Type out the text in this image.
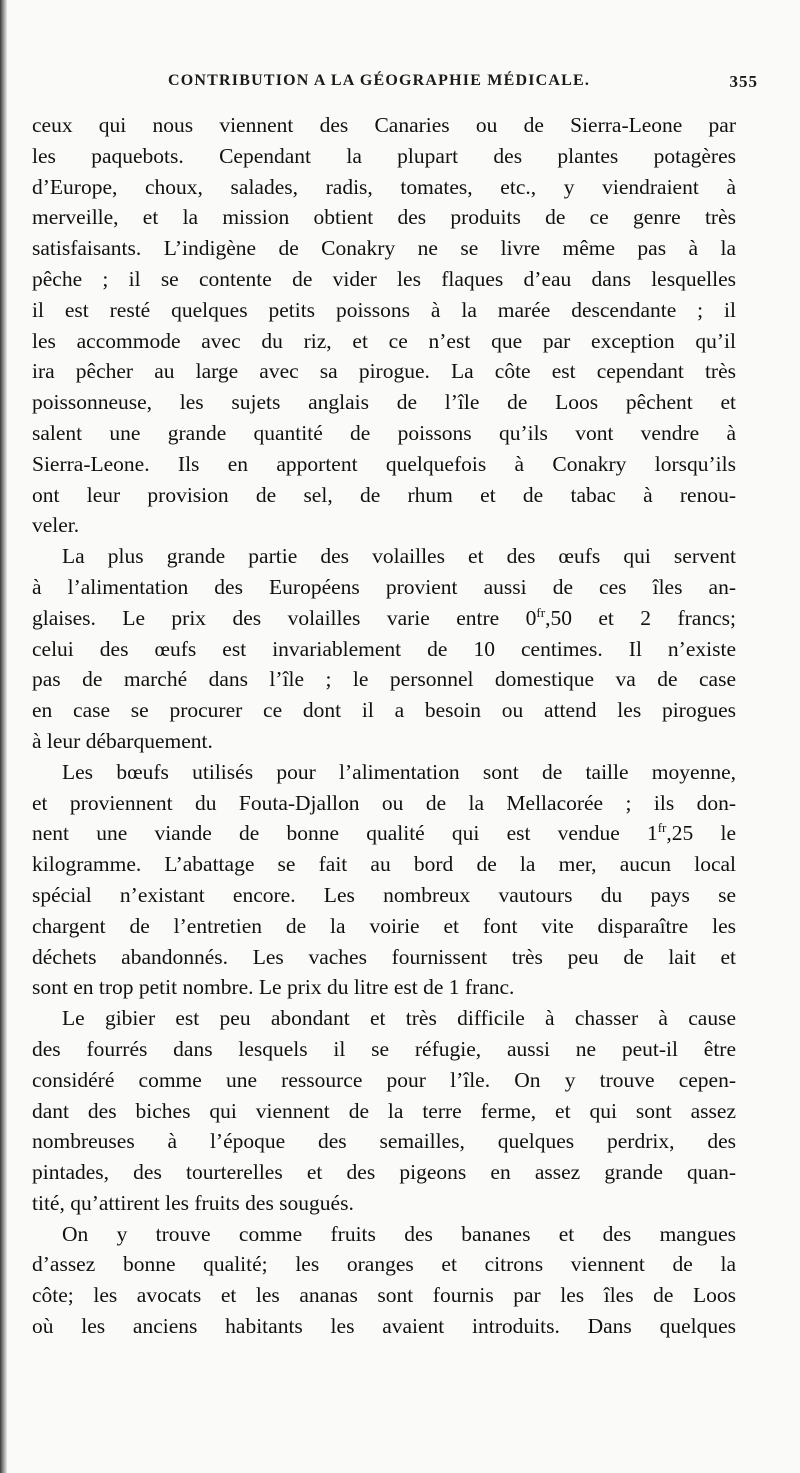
CONTRIBUTION A LA GÉOGRAPHIE MÉDICALE.	355
ceux qui nous viennent des Canaries ou de Sierra-Leone par
les paquebots. Cependant la plupart des plantes potagères
d’Europe, choux, salades, radis, tomates, etc., y viendraient à
merveille, et la mission obtient des produits de ce genre très
satisfaisants. L’indigène de Conakry ne se livre même pas à la
pêche ; il se contente de vider les flaques d’eau dans lesquelles
il est resté quelques petits poissons à la marée descendante ; il
les accommode avec du riz, et ce n’est que par exception qu’il
ira pêcher au large avec sa pirogue. La côte est cependant très
poissonneuse, les sujets anglais de l’île de Loos pêchent et
salent une grande quantité de poissons qu’ils vont vendre à
Sierra-Leone. Ils en apportent quelquefois à Conakry lorsqu’ils
ont leur provision de sel, de rhum et de tabac à renou-
veler.
La plus grande partie des volailles et des œufs qui servent
à l’alimentation des Européens provient aussi de ces îles an-
glaises. Le prix des volailles varie entre $0^{fr},50$ et 2 francs;
celui des œufs est invariablement de 10 centimes. Il n’existe
pas de marché dans l’île ; le personnel domestique va de case
en case se procurer ce dont il a besoin ou attend les pirogues
à leur débarquement.
Les bœufs utilisés pour l’alimentation sont de taille moyenne,
et proviennent du Fouta-Djallon ou de la Mellacorée ; ils don-
nent une viande de bonne qualité qui est vendue $1^{fr},25$ le
kilogramme. L’abattage se fait au bord de la mer, aucun local
spécial n’existant encore. Les nombreux vautours du pays se
chargent de l’entretien de la voirie et font vite disparaître les
déchets abandonnés. Les vaches fournissent très peu de lait et
sont en trop petit nombre. Le prix du litre est de 1 franc.
Le gibier est peu abondant et très difficile à chasser à cause
des fourrés dans lesquels il se réfugie, aussi ne peut-il être
considéré comme une ressource pour l’île. On y trouve cepen-
dant des biches qui viennent de la terre ferme, et qui sont assez
nombreuses à l’époque des semailles, quelques perdrix, des
pintades, des tourterelles et des pigeons en assez grande quan-
tité, qu’attirent les fruits des sougués.
On y trouve comme fruits des bananes et des mangues
d’assez bonne qualité; les oranges et citrons viennent de la
côte; les avocats et les ananas sont fournis par les îles de Loos
où les anciens habitants les avaient introduits. Dans quelques
